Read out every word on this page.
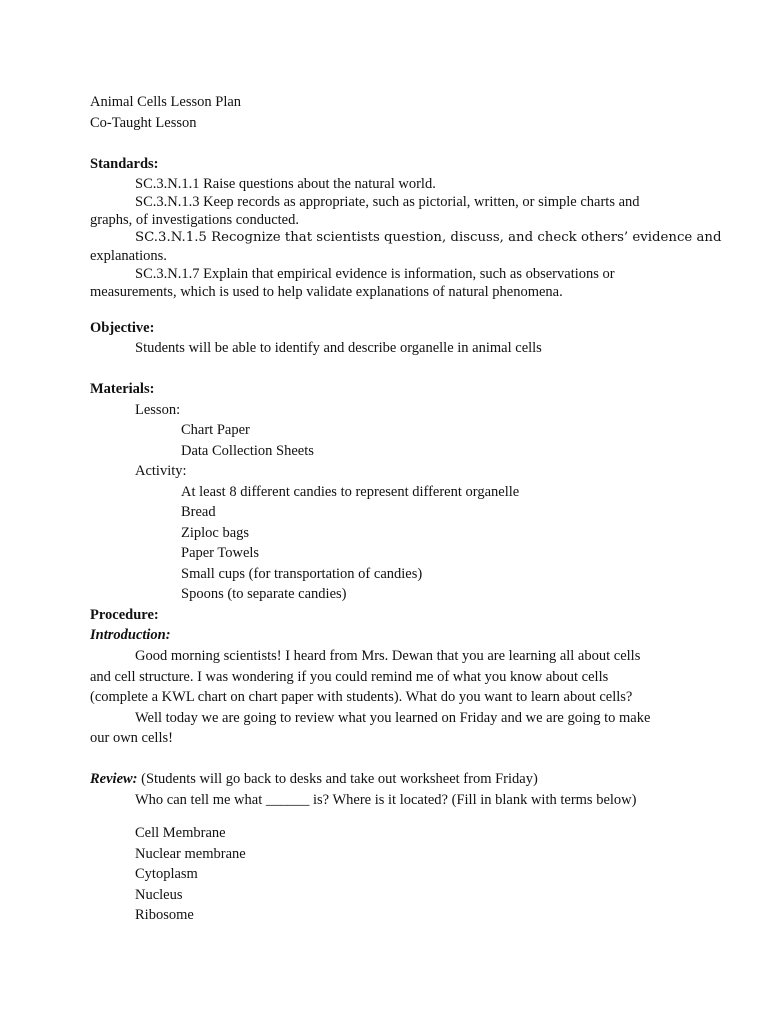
Animal Cells Lesson Plan
Co-Taught Lesson
Standards:
SC.3.N.1.1 Raise questions about the natural world.
SC.3.N.1.3 Keep records as appropriate, such as pictorial, written, or simple charts and
graphs, of investigations conducted.
SC.3.N.1.5 Recognize that scientists question, discuss, and check others’ evidence and
explanations.
SC.3.N.1.7 Explain that empirical evidence is information, such as observations or
measurements, which is used to help validate explanations of natural phenomena.
Objective:
Students will be able to identify and describe organelle in animal cells
Materials:
Lesson:
Chart Paper
Data Collection Sheets
Activity:
At least 8 different candies to represent different organelle
Bread
Ziploc bags
Paper Towels
Small cups (for transportation of candies)
Spoons (to separate candies)
Procedure:
Introduction:
Good morning scientists! I heard from Mrs. Dewan that you are learning all about cells
and cell structure. I was wondering if you could remind me of what you know about cells
(complete a KWL chart on chart paper with students). What do you want to learn about cells?
Well today we are going to review what you learned on Friday and we are going to make
our own cells!
Review: (Students will go back to desks and take out worksheet from Friday)
Who can tell me what ______ is? Where is it located? (Fill in blank with terms below)
Cell Membrane
Nuclear membrane
Cytoplasm
Nucleus
Ribosome
